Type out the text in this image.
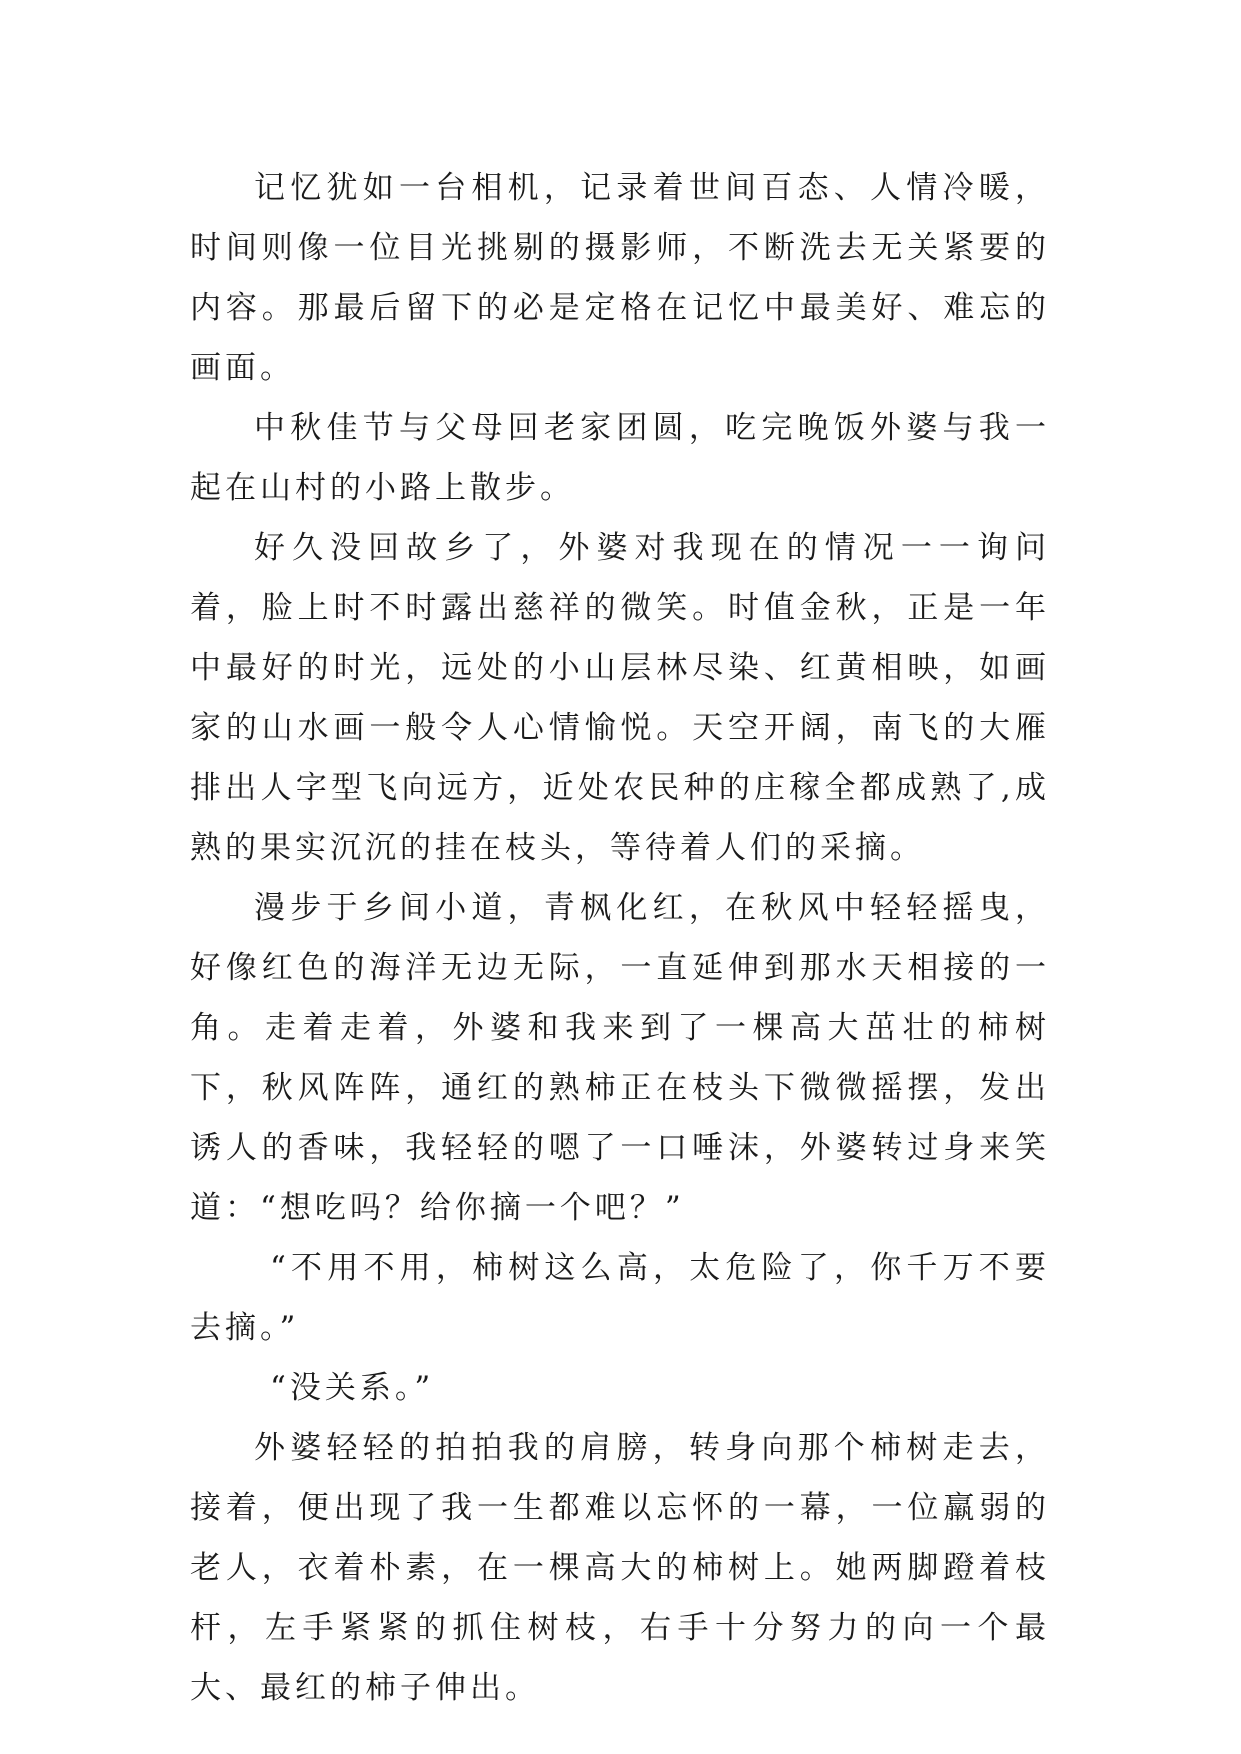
记忆犹如一台相机，记录着世间百态、人情冷暖，时间则像一位目光挑剔的摄影师，不断洗去无关紧要的内容。那最后留下的必是定格在记忆中最美好、难忘的画面。

中秋佳节与父母回老家团圆，吃完晚饭外婆与我一起在山村的小路上散步。

好久没回故乡了，外婆对我现在的情况一一询问着，脸上时不时露出慈祥的微笑。时值金秋，正是一年中最好的时光，远处的小山层林尽染、红黄相映，如画家的山水画一般令人心情愉悦。天空开阔，南飞的大雁排出人字型飞向远方，近处农民种的庄稼全都成熟了,成熟的果实沉沉的挂在枝头，等待着人们的采摘。

漫步于乡间小道，青枫化红，在秋风中轻轻摇曳，好像红色的海洋无边无际，一直延伸到那水天相接的一角。走着走着，外婆和我来到了一棵高大茁壮的柿树下，秋风阵阵，通红的熟柿正在枝头下微微摇摆，发出诱人的香味，我轻轻的嗯了一口唾沫，外婆转过身来笑道：“想吃吗？给你摘一个吧？”

“不用不用，柿树这么高，太危险了，你千万不要去摘。”

“没关系。”

外婆轻轻的拍拍我的肩膀，转身向那个柿树走去，接着，便出现了我一生都难以忘怀的一幕，一位羸弱的老人，衣着朴素，在一棵高大的柿树上。她两脚蹬着枝杆，左手紧紧的抓住树枝，右手十分努力的向一个最大、最红的柿子伸出。
